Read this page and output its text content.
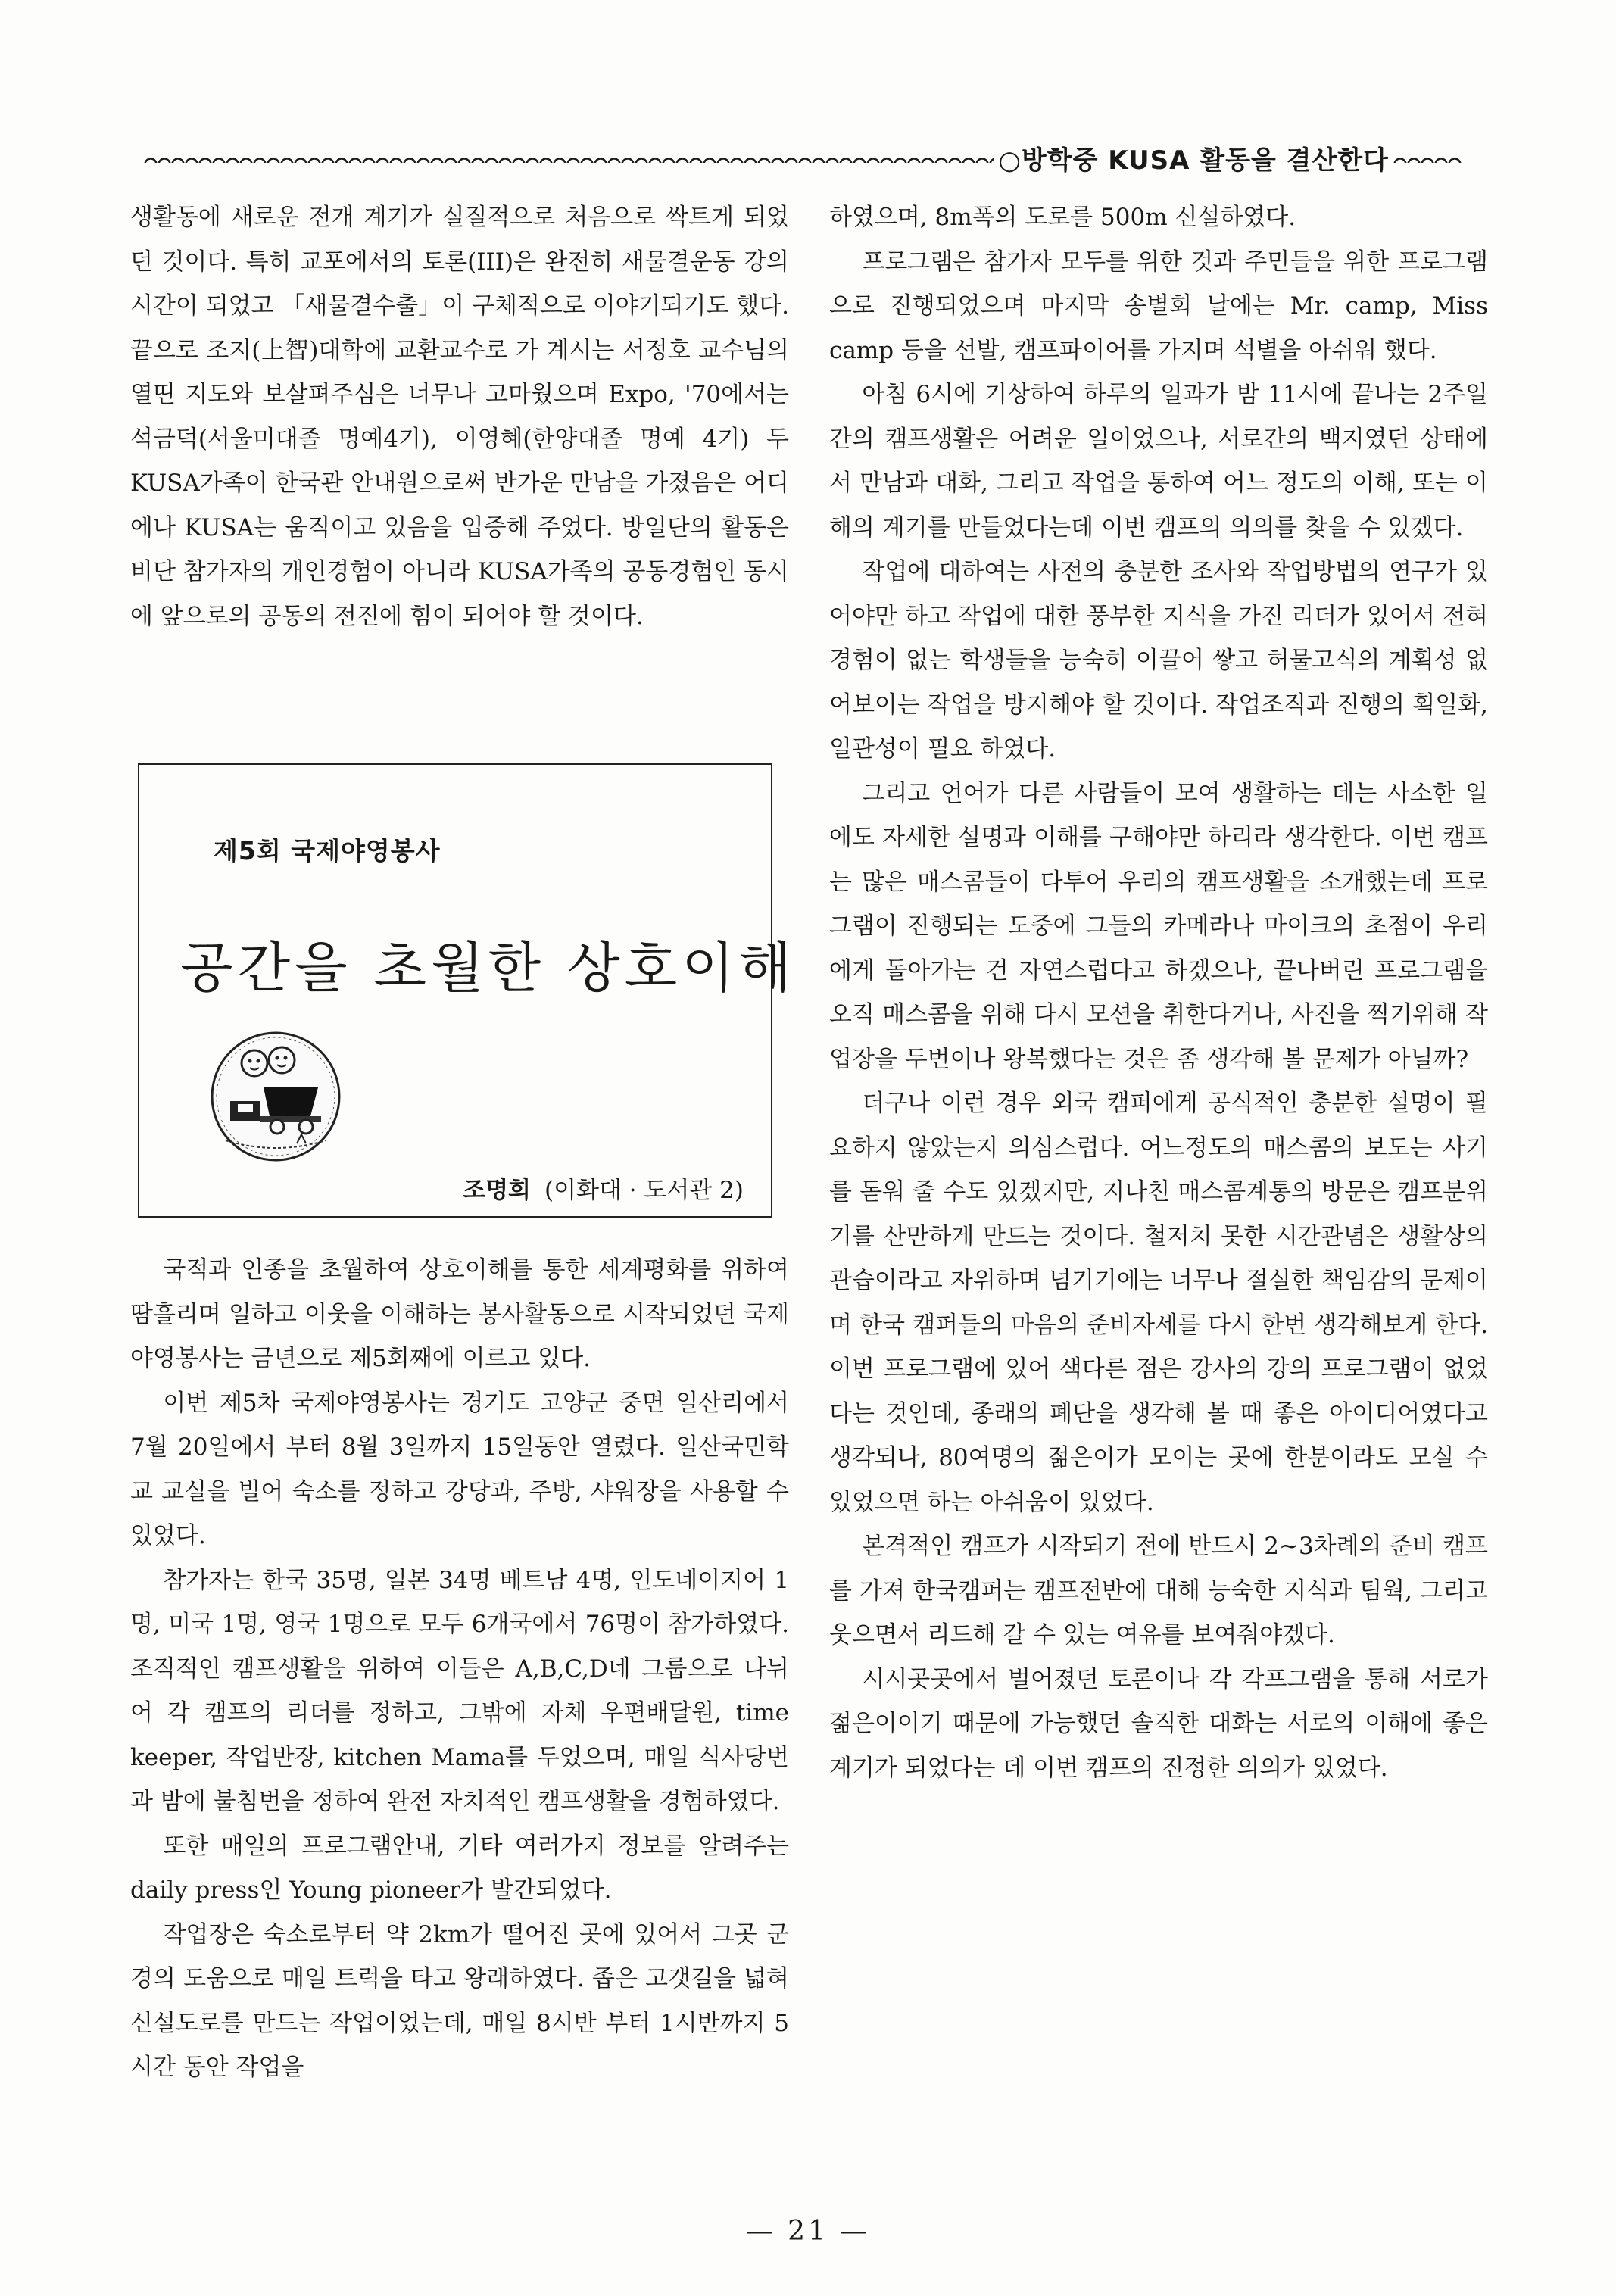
○방학중 KUSA 활동을 결산한다

생활동에 새로운 전개 계기가 실질적으로 처음으로 싹트게 되었던 것이다. 특히 교포에서의 토론(III)은 완전히 새물결운동 강의시간이 되었고 「새물결수출」이 구체적으로 이야기되기도 했다. 끝으로 조지(上智)대학에 교환교수로 가 계시는 서정호 교수님의 열띤 지도와 보살펴주심은 너무나 고마웠으며 Expo, '70에서는 석금덕(서울미대졸 명예4기), 이영혜(한양대졸 명예 4기) 두 KUSA가족이 한국관 안내원으로써 반가운 만남을 가졌음은 어디에나 KUSA는 움직이고 있음을 입증해 주었다. 방일단의 활동은 비단 참가자의 개인경험이 아니라 KUSA가족의 공동경험인 동시에 앞으로의 공동의 전진에 힘이 되어야 할 것이다.

제5회 국제야영봉사
공간을 초월한 상호이해
조명희 (이화대 · 도서관 2)

국적과 인종을 초월하여 상호이해를 통한 세계평화를 위하여 땀흘리며 일하고 이웃을 이해하는 봉사활동으로 시작되었던 국제 야영봉사는 금년으로 제5회째에 이르고 있다.

이번 제5차 국제야영봉사는 경기도 고양군 중면 일산리에서 7월 20일에서 부터 8월 3일까지 15일동안 열렸다. 일산국민학교 교실을 빌어 숙소를 정하고 강당과, 주방, 샤워장을 사용할 수 있었다.

참가자는 한국 35명, 일본 34명 베트남 4명, 인도네이지어 1명, 미국 1명, 영국 1명으로 모두 6개국에서 76명이 참가하였다. 조직적인 캠프생활을 위하여 이들은 A,B,C,D네 그룹으로 나뉘어 각 캠프의 리더를 정하고, 그밖에 자체 우편배달원, time keeper, 작업반장, kitchen Mama를 두었으며, 매일 식사당번과 밤에 불침번을 정하여 완전 자치적인 캠프생활을 경험하였다.

또한 매일의 프로그램안내, 기타 여러가지 정보를 알려주는 daily press인 Young pioneer가 발간되었다.

작업장은 숙소로부터 약 2km가 떨어진 곳에 있어서 그곳 군경의 도움으로 매일 트럭을 타고 왕래하였다. 좁은 고갯길을 넓혀 신설도로를 만드는 작업이었는데, 매일 8시반 부터 1시반까지 5시간 동안 작업을

하였으며, 8m폭의 도로를 500m 신설하였다.

프로그램은 참가자 모두를 위한 것과 주민들을 위한 프로그램으로 진행되었으며 마지막 송별회 날에는 Mr. camp, Miss camp 등을 선발, 캠프파이어를 가지며 석별을 아쉬워 했다.

아침 6시에 기상하여 하루의 일과가 밤 11시에 끝나는 2주일간의 캠프생활은 어려운 일이었으나, 서로간의 백지였던 상태에서 만남과 대화, 그리고 작업을 통하여 어느 정도의 이해, 또는 이해의 계기를 만들었다는데 이번 캠프의 의의를 찾을 수 있겠다.

작업에 대하여는 사전의 충분한 조사와 작업방법의 연구가 있어야만 하고 작업에 대한 풍부한 지식을 가진 리더가 있어서 전혀 경험이 없는 학생들을 능숙히 이끌어 쌓고 허물고식의 계획성 없어보이는 작업을 방지해야 할 것이다. 작업조직과 진행의 획일화, 일관성이 필요 하였다.

그리고 언어가 다른 사람들이 모여 생활하는 데는 사소한 일에도 자세한 설명과 이해를 구해야만 하리라 생각한다. 이번 캠프는 많은 매스콤들이 다투어 우리의 캠프생활을 소개했는데 프로그램이 진행되는 도중에 그들의 카메라나 마이크의 초점이 우리에게 돌아가는 건 자연스럽다고 하겠으나, 끝나버린 프로그램을 오직 매스콤을 위해 다시 모션을 취한다거나, 사진을 찍기위해 작업장을 두번이나 왕복했다는 것은 좀 생각해 볼 문제가 아닐까?

더구나 이런 경우 외국 캠퍼에게 공식적인 충분한 설명이 필요하지 않았는지 의심스럽다. 어느정도의 매스콤의 보도는 사기를 돋워 줄 수도 있겠지만, 지나친 매스콤계통의 방문은 캠프분위기를 산만하게 만드는 것이다. 철저치 못한 시간관념은 생활상의 관습이라고 자위하며 넘기기에는 너무나 절실한 책임감의 문제이며 한국 캠퍼들의 마음의 준비자세를 다시 한번 생각해보게 한다. 이번 프로그램에 있어 색다른 점은 강사의 강의 프로그램이 없었다는 것인데, 종래의 폐단을 생각해 볼 때 좋은 아이디어였다고 생각되나, 80여명의 젊은이가 모이는 곳에 한분이라도 모실 수 있었으면 하는 아쉬움이 있었다.

본격적인 캠프가 시작되기 전에 반드시 2~3차례의 준비 캠프를 가져 한국캠퍼는 캠프전반에 대해 능숙한 지식과 팀웍, 그리고 웃으면서 리드해 갈 수 있는 여유를 보여줘야겠다.

시시곳곳에서 벌어졌던 토론이나 각 각프그램을 통해 서로가 젊은이이기 때문에 가능했던 솔직한 대화는 서로의 이해에 좋은 계기가 되었다는 데 이번 캠프의 진정한 의의가 있었다.

— 21 —
